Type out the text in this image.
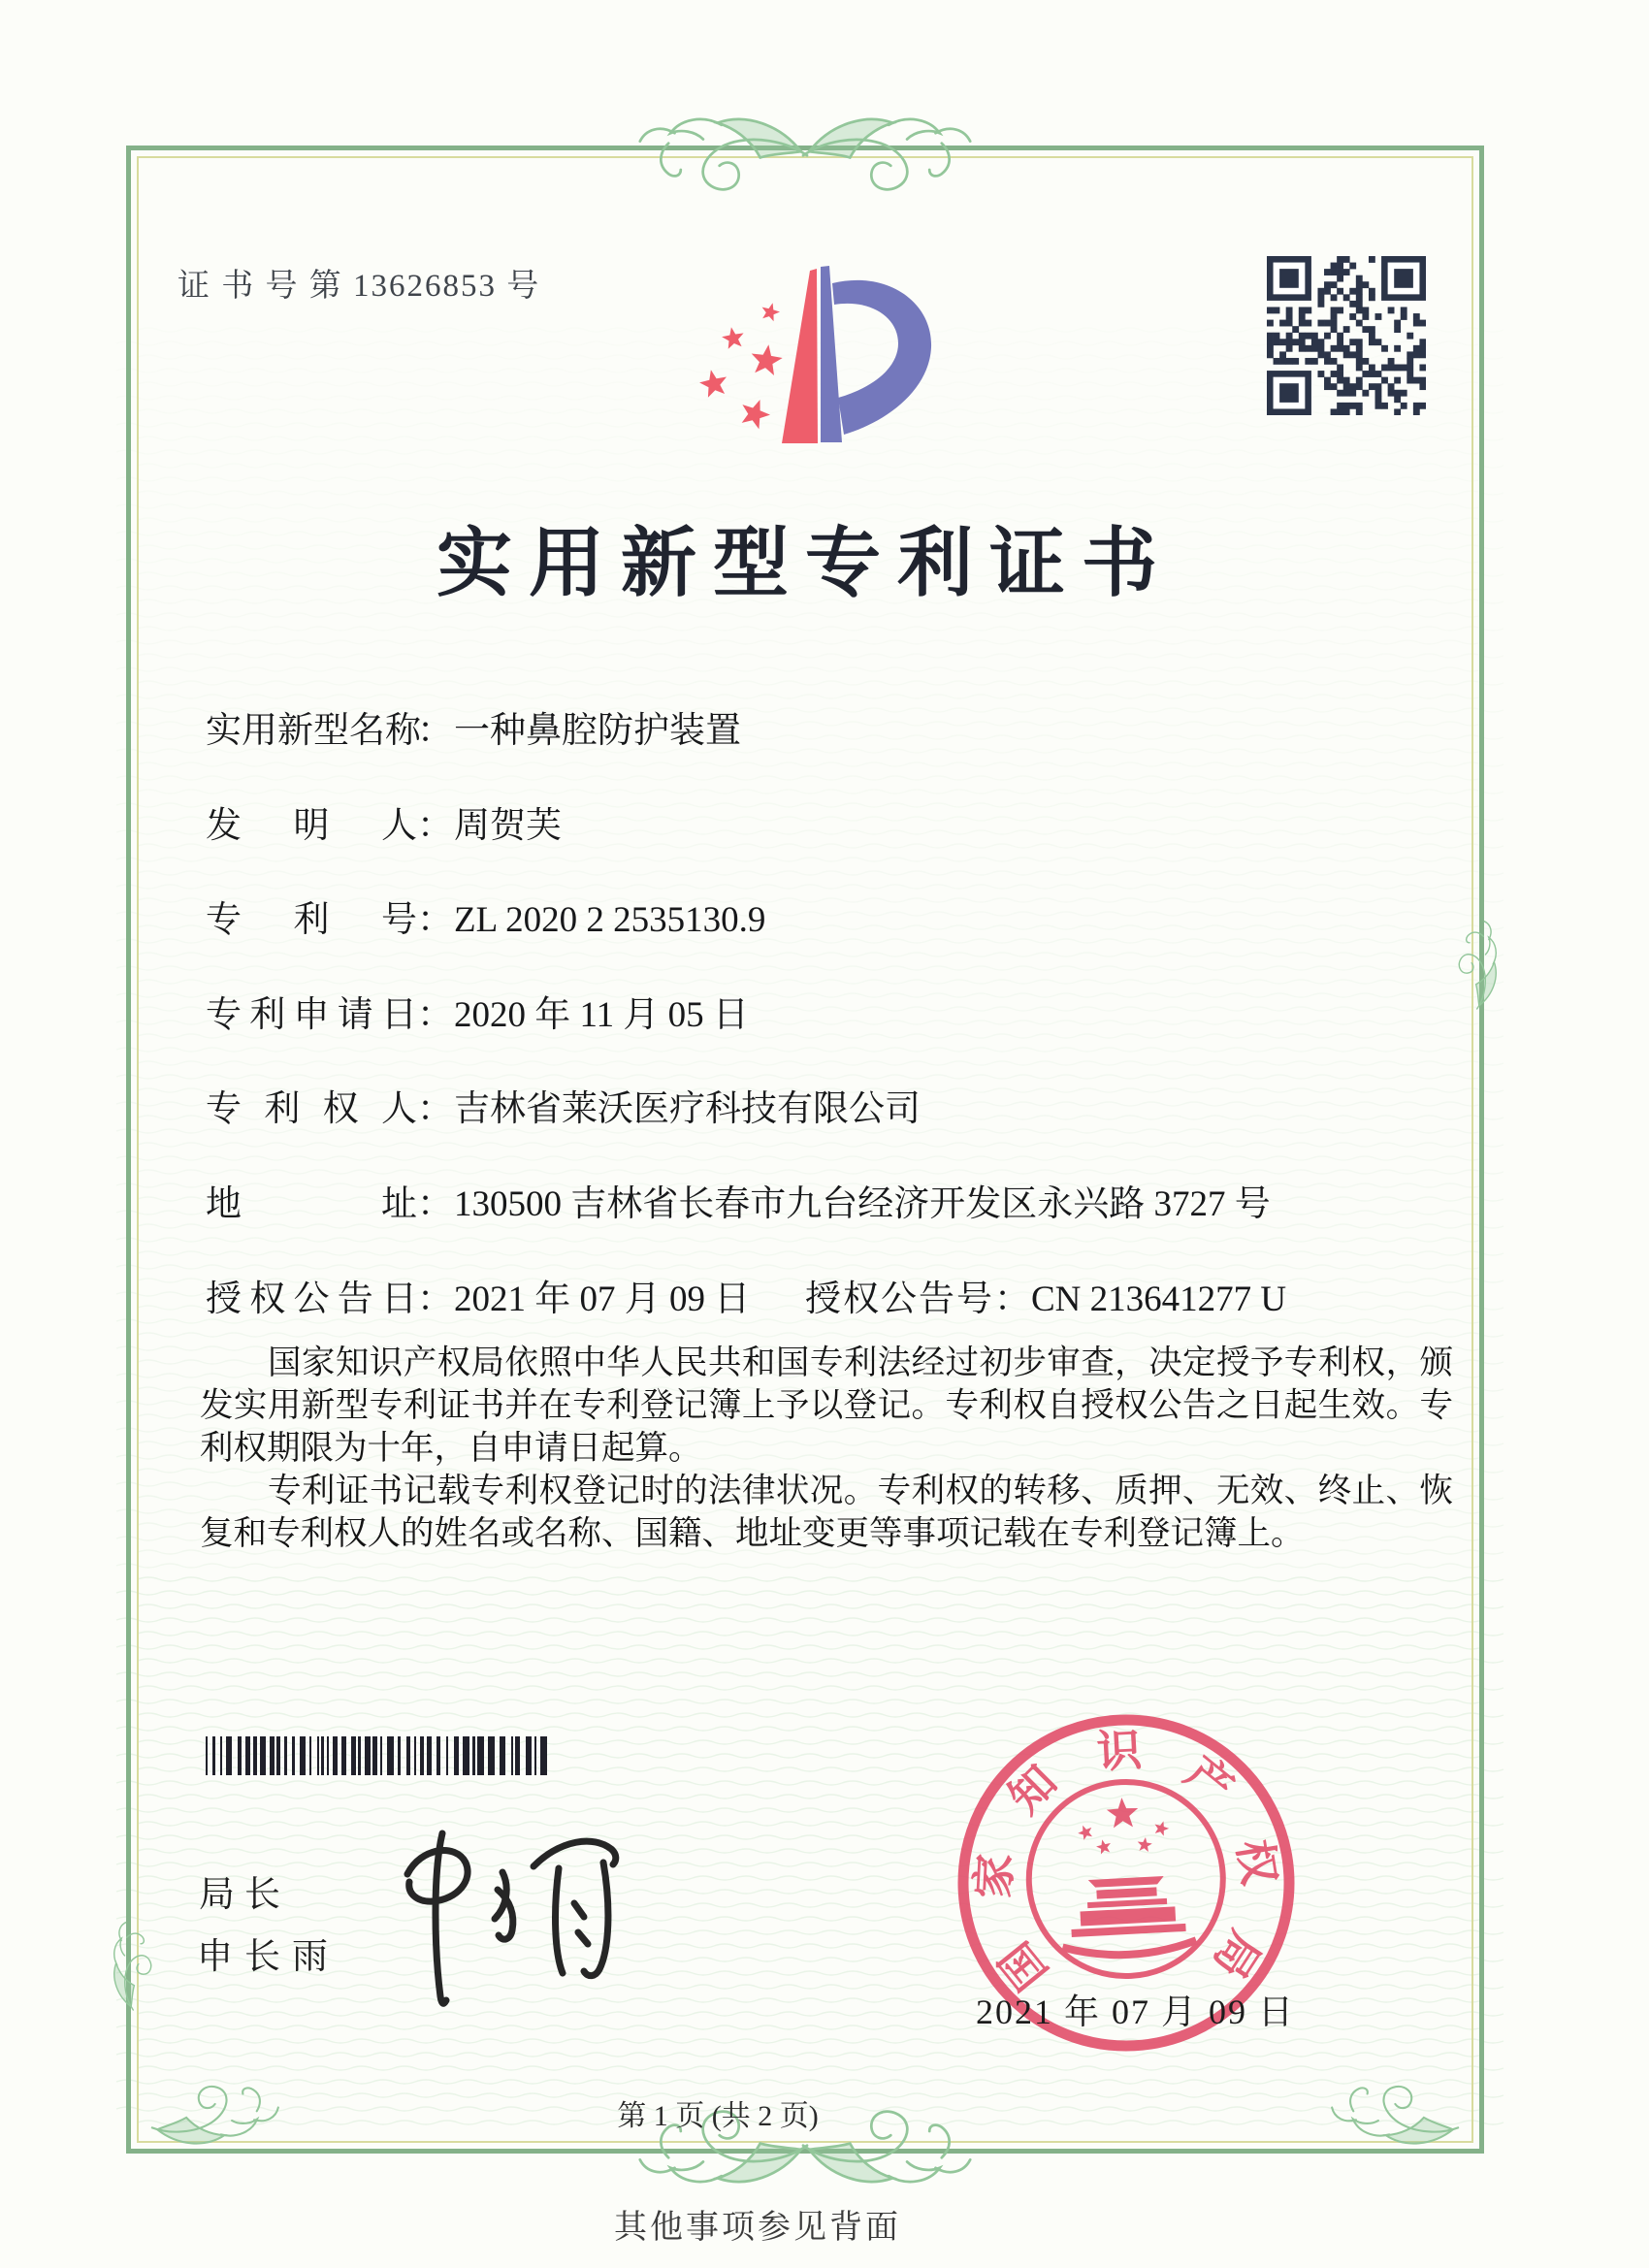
证 书 号 第 13626853 号
实用新型专利证书
实用新型名称：一种鼻腔防护装置
发明人：周贺芙
专利号：ZL 2020 2 2535130.9
专利申请日：2020 年 11 月 05 日
专利权人：吉林省莱沃医疗科技有限公司
地址：130500 吉林省长春市九台经济开发区永兴路 3727 号
授权公告日：2021 年 07 月 09 日 授权公告号：CN 213641277 U

国家知识产权局依照中华人民共和国专利法经过初步审查，决定授予专利权，颁发实用新型专利证书并在专利登记簿上予以登记。专利权自授权公告之日起生效。专利权期限为十年，自申请日起算。

专利证书记载专利权登记时的法律状况。专利权的转移、质押、无效、终止、恢复和专利权人的姓名或名称、国籍、地址变更等事项记载在专利登记簿上。

局长
申长雨	国
家
知
识 产
权
局
2021 年 07 月 09 日
第 1 页 (共 2 页)
其他事项参见背面
